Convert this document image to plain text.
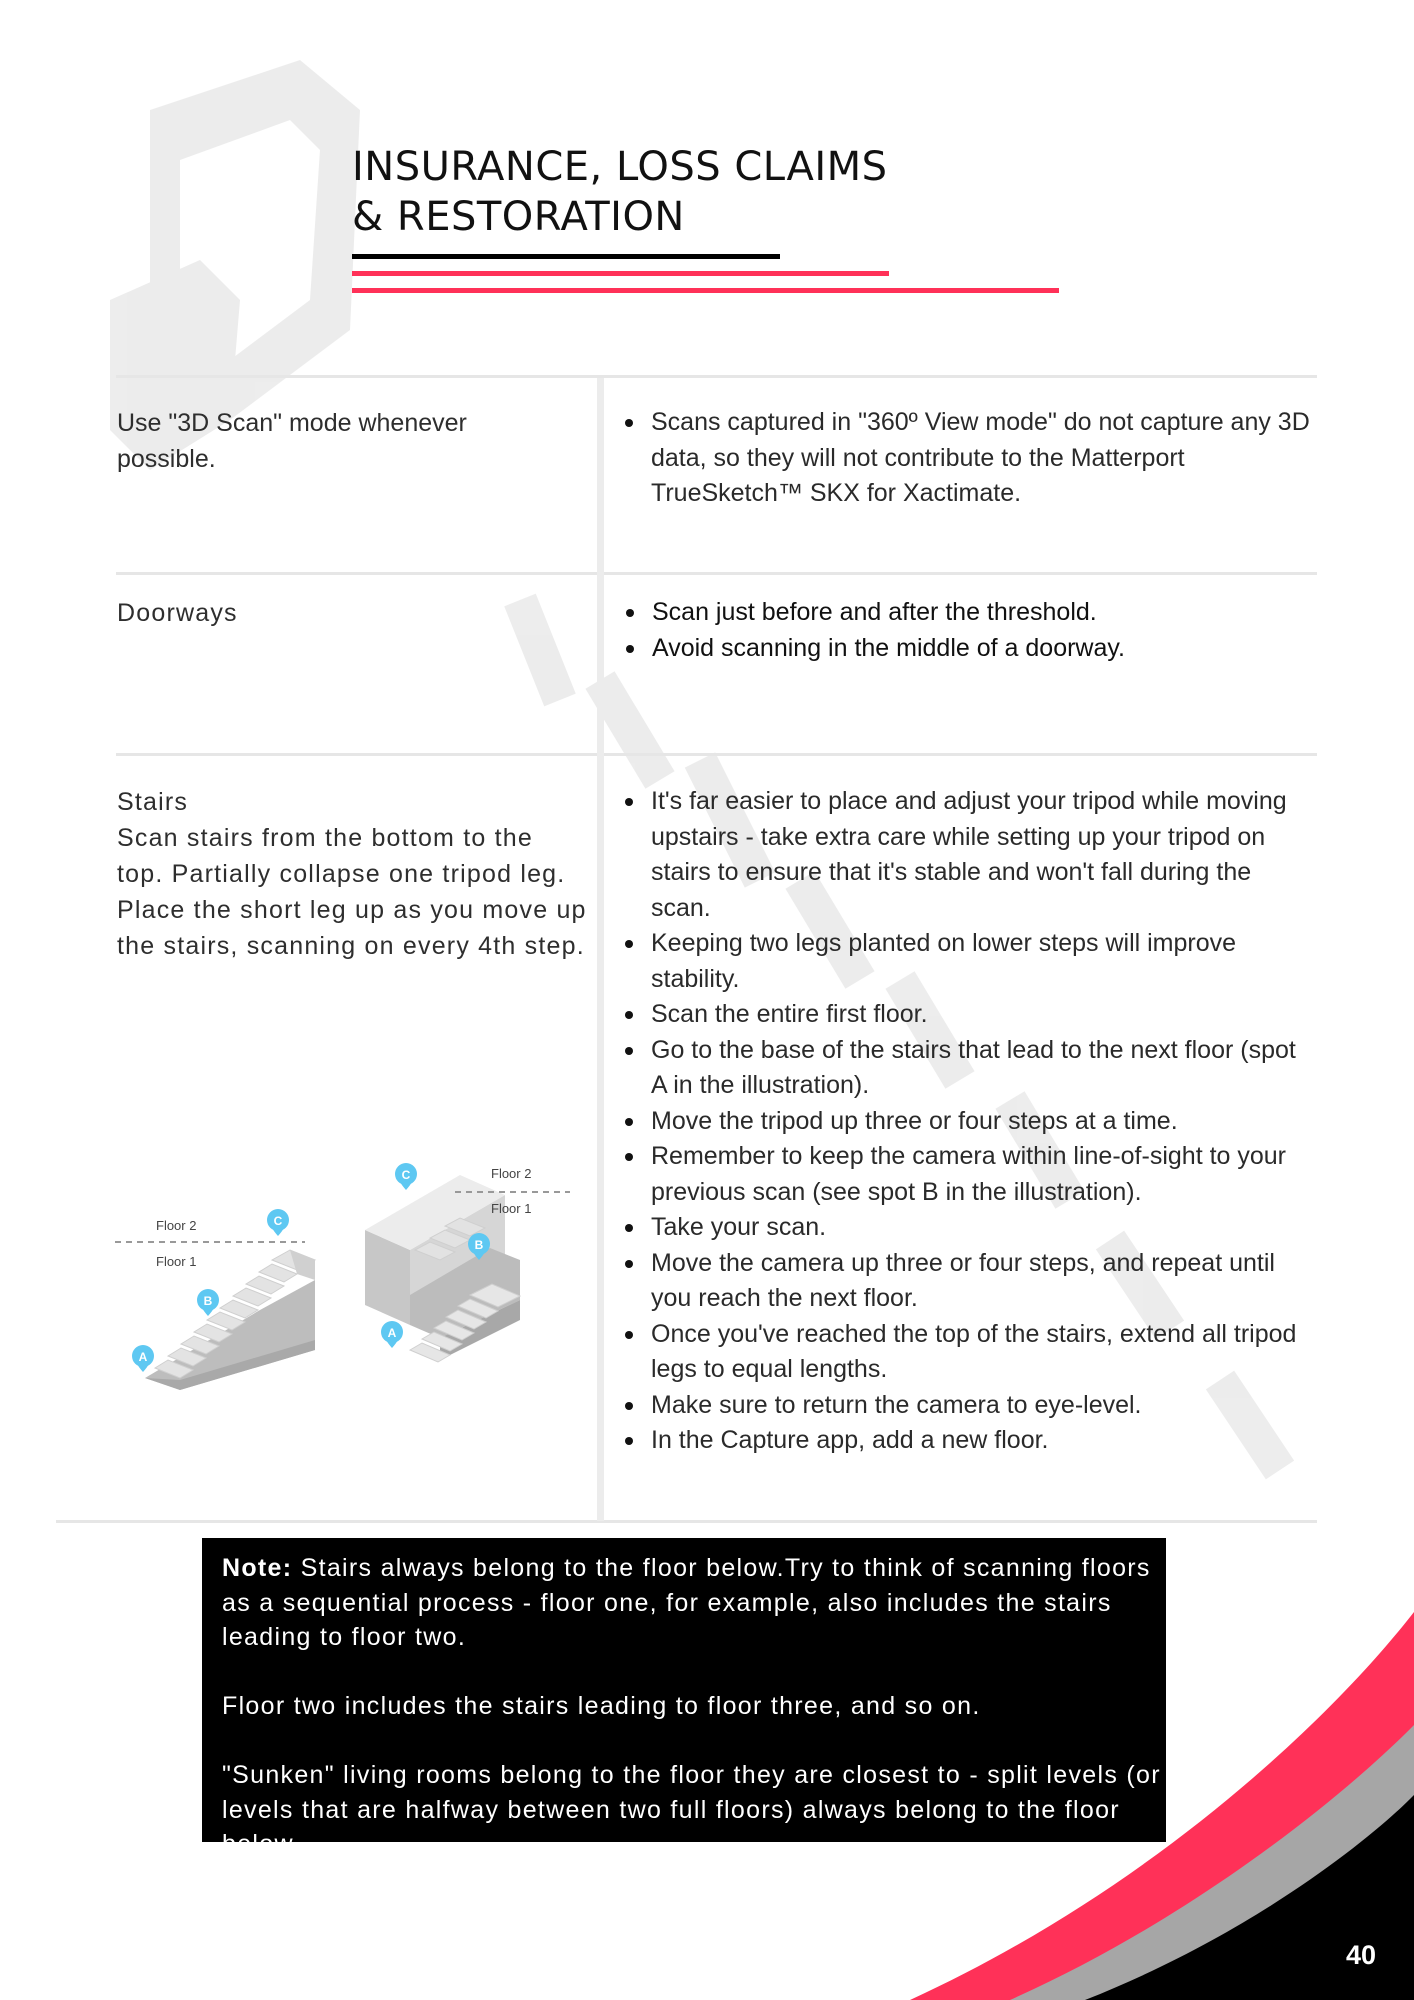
INSURANCE, LOSS CLAIMS
& RESTORATION

Use "3D Scan" mode whenever possible.

Scans captured in "360º View mode" do not capture any 3D data, so they will not contribute to the Matterport TrueSketch™ SKX for Xactimate.

Doorways	Scan just before and after the threshold.
Avoid scanning in the middle of a doorway.

Stairs

Scan stairs from the bottom to the top. Partially collapse one tripod leg. Place the short leg up as you move up the stairs, scanning on every 4th step.

It's far easier to place and adjust your tripod while moving upstairs - take extra care while setting up your tripod on stairs to ensure that it's stable and won't fall during the scan.
Keeping two legs planted on lower steps will improve stability.
Scan the entire first floor.
Go to the base of the stairs that lead to the next floor (spot A in the illustration).
Move the tripod up three or four steps at a time.
Remember to keep the camera within line-of-sight to your previous scan (see spot B in the illustration).
Take your scan.
Move the camera up three or four steps, and repeat until you reach the next floor.
Once you've reached the top of the stairs, extend all tripod legs to equal lengths.
Make sure to return the camera to eye-level.
In the Capture app, add a new floor.
Floor 2
Floor 1
Floor 2
Floor 1
A
B
C
A
B
C

Note: Stairs always belong to the floor below.Try to think of scanning floors as a sequential process - floor one, for example, also includes the stairs leading to floor two.

Floor two includes the stairs leading to floor three, and so on.

"Sunken" living rooms belong to the floor they are closest to - split levels (or levels that are halfway between two full floors) always belong to the floor below.

40
